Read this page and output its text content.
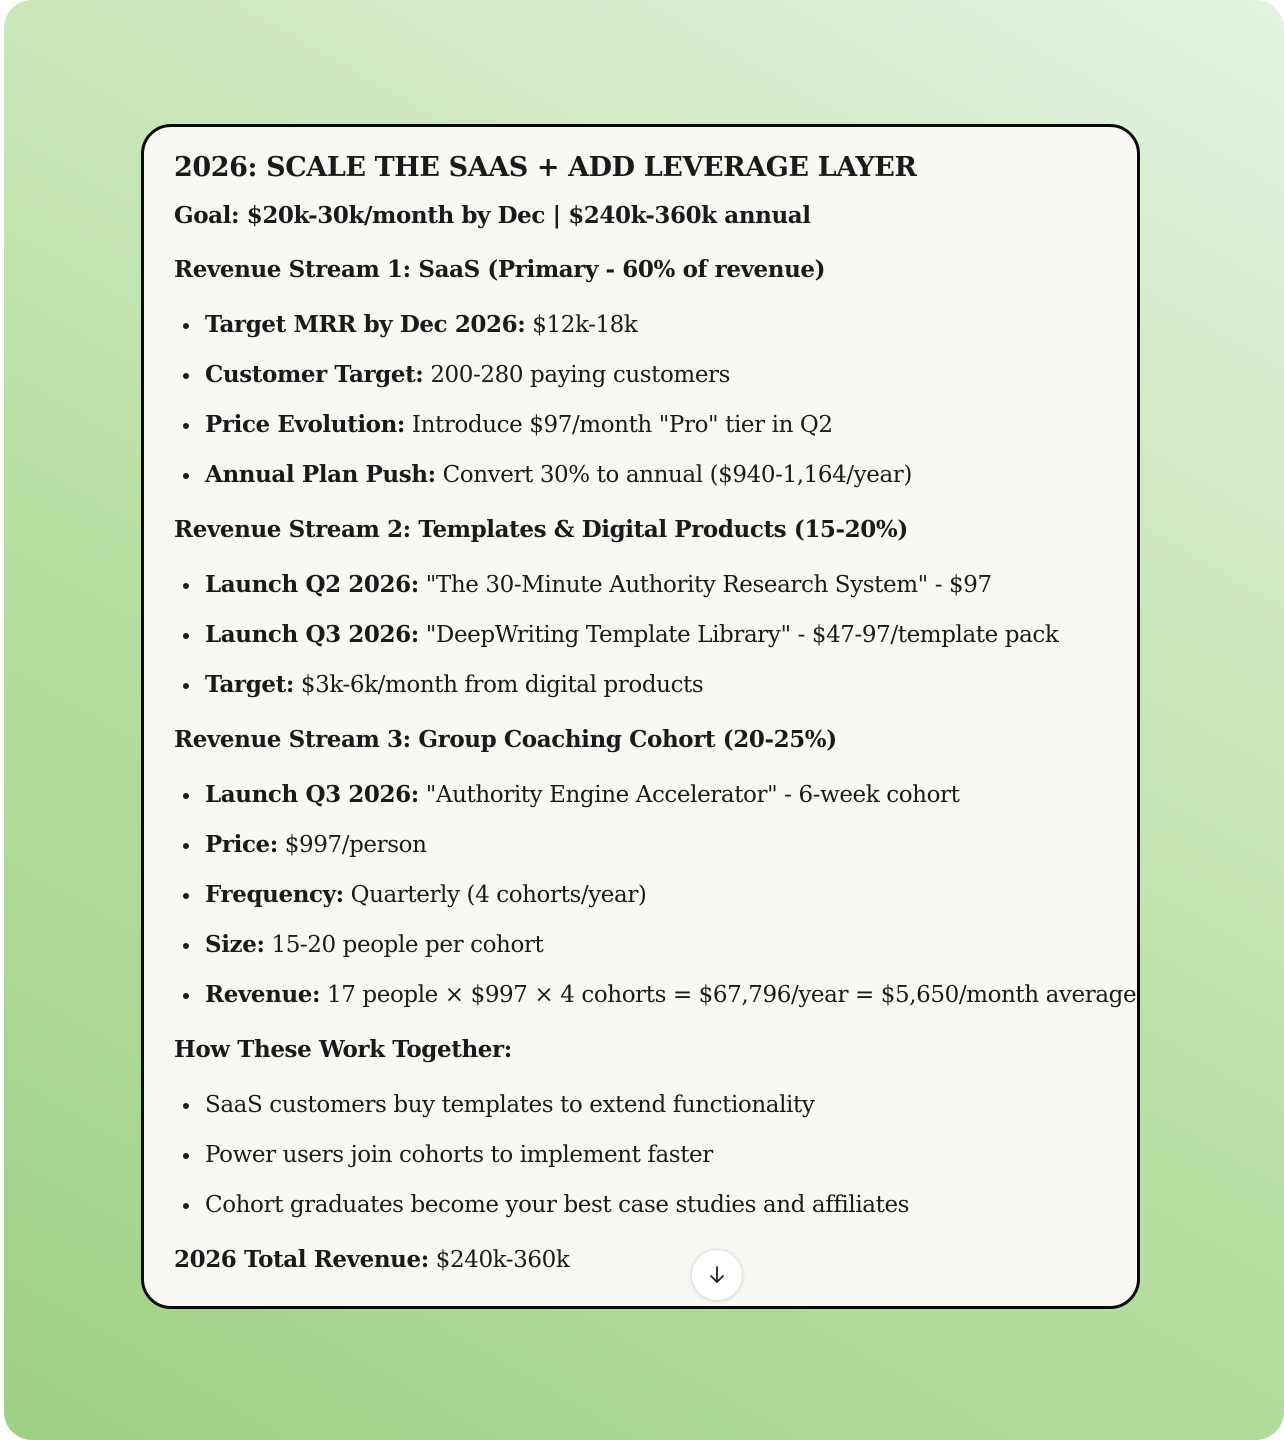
2026: SCALE THE SAAS + ADD LEVERAGE LAYER

Goal: $20k-30k/month by Dec | $240k-360k annual

Revenue Stream 1: SaaS (Primary - 60% of revenue)

Target MRR by Dec 2026: $12k-18k
Customer Target: 200-280 paying customers
Price Evolution: Introduce $97/month "Pro" tier in Q2
Annual Plan Push: Convert 30% to annual ($940-1,164/year)

Revenue Stream 2: Templates & Digital Products (15-20%)

Launch Q2 2026: "The 30-Minute Authority Research System" - $97
Launch Q3 2026: "DeepWriting Template Library" - $47-97/template pack
Target: $3k-6k/month from digital products

Revenue Stream 3: Group Coaching Cohort (20-25%)

Launch Q3 2026: "Authority Engine Accelerator" - 6-week cohort
Price: $997/person
Frequency: Quarterly (4 cohorts/year)
Size: 15-20 people per cohort
Revenue: 17 people × $997 × 4 cohorts = $67,796/year = $5,650/month average

How These Work Together:

SaaS customers buy templates to extend functionality
Power users join cohorts to implement faster
Cohort graduates become your best case studies and affiliates

2026 Total Revenue: $240k-360k
